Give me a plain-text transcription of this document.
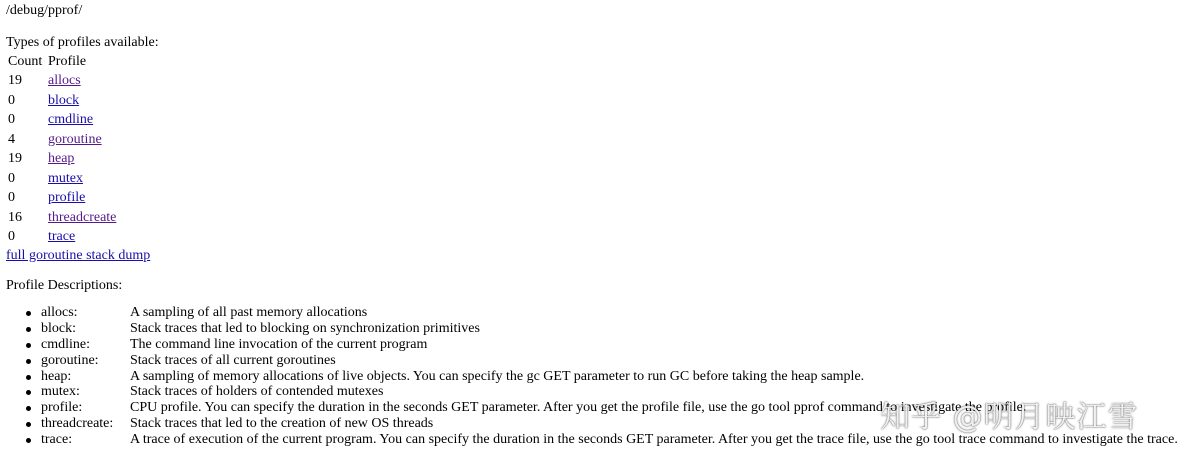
/debug/pprof/
Types of profiles available:
Count	Profile
19	allocs
0	block
0	cmdline
4	goroutine
19	heap
0	mutex
0	profile
16	threadcreate
0	trace
full goroutine stack dump
Profile Descriptions:
allocs:	A sampling of all past memory allocations
block:	Stack traces that led to blocking on synchronization primitives
cmdline:	The command line invocation of the current program
goroutine: Stack traces of all current goroutines
heap:	A sampling of memory allocations of live objects. You can specify the gc GET parameter to run GC before taking the heap sample.
mutex:	Stack traces of holders of contended mutexes
profile:	CPU profile. You can specify the duration in the seconds GET parameter. After you get the profile file, use the go tool pprof command to investigate the profile.
threadcreate: Stack traces that led to the creation of new OS threads
trace:	A trace of execution of the current program. You can specify the duration in the seconds GET parameter. After you get the trace file, use the go tool trace command to investigate the trace.
知乎 @明月映江雪
